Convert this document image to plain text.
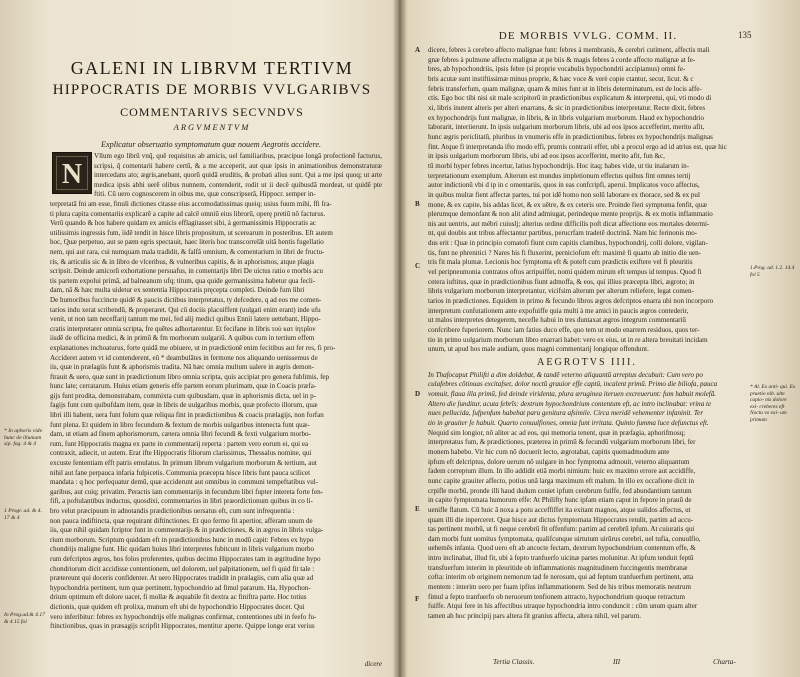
GALENI IN LIBRVM TERTIVM
HIPPOCRATIS DE MORBIS VVLGARIBVS
COMMENTARIVS SECVNDVS
ARGVMENTVM
Explicatur obseruatio symptomatum quæ nouem Aegrotis accidere.
N
Vllum ego librū vnq̃, quẽ requisitus ab amicis, uel familiaribus, præcipue longā profectionē facturus, scripsi, q̃ comentarii habere certū, & a me acceperit, aut quæ ipsis in animationibus demonstraturæ intercedans ato; ægris,anebant, quorū quidā eruditis, & probati alius sunt. Qui a me ipsi quoq; ut arte medica ipsis abhi uerē olibus nunnem, contenderit, rodit ut ii decē quibusdā mordeat, ut quidē pte ftiti. Cū uero cognoscerem in oibus me, quæ conscripserā, Hippocr. semper in-
terpretatā fni am esse, finuli dictiones citasse eius accomodatissimas queiq; usius fuum mihi, ffi fra-
ti plura capita comentariis explicarē a capite ad calcē omniū eius librorū, operę pretiū nō facturus.
Verū quando & hos habere quidam ex amicis efflagitasset sibi, à germanissimis Hippocratis ac
utilissimis ingressis fum, iidē tendit in hisce libris propositum, ut scerearum in posteribus. Eft autem
hoc, Quæ perpetuo, aut se pæm egris spectauit, haec literis hoc transcorrelāt uitā hentis fugellatio
nem, qui aut rara, cui numquam mala tradidit, & falfā omnium, & comentarium in libri de fructu-
ris, & articulis sic & in libro de vlceribus, & vulneribus capitis, & in aphorismos, atque plagis
scripsit. Deinde amicorū exhortatione persuafus, in comentarijs libri De uictus ratio e morbis acu
tis partem expolui primā, ad balneanum ufq; titum, qua quide germanissima habetur qua fecli-
dam, nā & hæc multa uidetur ex sententia Hippocratis pręcepta completi. Deinde fum libri
De humoribus fuccincte quidē & paucis dictibus interpretatus, ty defcedere, q ad eos me comen-
tarios indu xerat scribendū, & properaret. Qui cū dociis placuiffent (uulgati enim erant) inde ufu
venit, ut non tam neceffarij tantum me mei, fed alij medici quibus Ennii latere uettebant, Hippo-
cratis interpretarer omnia scripta, fre quētes adhortarentur. Et fecifane in libris τού κατ ἰητρῖον
iisdē de officina medici, & in primū & fm morborum uulgariū. A quibus cum in tertium effem
explanationes inchoaturus, forte quidā me obiuere, ut in prædictionē enim fecitibus aut fer res, fi pro-
Accideret autem vt id contenderent, eū * deambulātes in fermone nos aliquando uenissemus de
iis, quæ in prælagiis funt & aphorismis tradita. Nā hæc omnia multum ualere in ægris demon-
ftrauit & uero, quæ sunt in prædictionum libro omnia scripta, quis accipiat pro genera fublimis, fep
hunc late; cerratarum. Huius etiam generis effe partem eorum plurimam, quæ in Coacis præfa-
gijs funt prodita, demonstrabam, commixta cum quibusdam, quæ in aphorismis dicta, uel in p-
fagijs funt cum quibufdam item, quæ in libris de uulgaribus morbis, quæ profecto illorum, quæ
libri illi habent, uera funt folum quæ reliqua fint in prædictionibus & coacis prælagijs, non forfan
funt plena. Et quidem in libro fecundum & fextum de morbis uulgaribus intenecta funt quæ-
dam, ut etiam ad finem aphorismorum, cætera omnia libri fecundi & fexti vulgarium morbo-
rum, funt Hippocratis magna ex parte in commentarij reperta : partem vero eorum ei, qui ea
contraxit, adiecit, ut autem. Erat ifte Hippocratis filiorum clarissimus, Thessalus nomine, qui
excuste fententiam efft patris emulatus. In primum librum vulgarium morborum & tertium, aut
nihil aut fane perpauca infaria fulpicetis. Communia præcepta hisce libris funt pauca scilicet
mandata : q hoc perfequatur demū, quæ acciderunt aut omnibus in communi tempeftatibus vul-
garibus, aut cuiq; privatim. Peractis iam commentarijs in fecundum libri fupter intereta forte fen-
fifi, a poftulantibus inductus, quosdixi, commentarios in libri præordictionum quibus in co li-
bro velut præcipuum in adnotandis prædictionibus uersatus eft, cum sunt infrequentia :
non pauca indiftincta, quæ requirant diftinctiones. Et quo fermo fit apertior, afferam unum de
iis, quæ nihil quidam fcriptor funt in commentarijs & in prædictiones, & in ægros in libris vulga-
rium morborum. Scriptum quiddam eft in prædictionibus hunc in modū capit: Febres ex hypo
chondrijs maligne funt. Hic quidam huius libri interpretes fubitcunt in libris vulgarium morbo
rum defcriptos ægros, hos folos proferentes, quibus decimo Hippocrates tam in ægritudine hypo
chondriorum dicit accidisse contentionem, uel dolorem, uel palpitationem, uel fi quid fit tale :
prætereunt qui doceris confidenter. At uero Hippocrates tradidit in prælagiis, cum alia quæ ad
hypochondria pertinent, tum quæ pertinent, hypochondrio ad fimul pararum. Ha, Hypochon-
drium optimum eft dolore uacet, fi mollæ & æquabile fit dextra ac finiftra parte. Hoc totius
dictionis, quæ quidem eft prolixa, munum eft ubi de hypochondrio Hippocrates docet. Qui
vero inferibitur: febres ex hypochondrijs elfe malignas confirmat, contentiones ubi in feefo fu-
ftinctionibus, quas in præsagijs scripfit Hippocrates, mentitur aperte. Quippe longe erat verius
dicere
* In aphoris vide hunc de illumam sip. fag. 4 & 4
1 Progr. ad. & 4. 17 & 4
In Prog.ad.& 4.17 & 4.15 fol
DE MORBIS VVLG. COMM. II.	135
dicere, febres à cerebro affecto malignae funt: febres à membranis, & cerebri cutiment, affectis mali
gnæ febres à pulmone affecto malignæ at pe biis & magis febres à corde affecto malignæ at fe-
bres, ab hypochondriis, ipsis febre (si proprie vocabulis hypochondrii accipiamus) omni fe-
bris acutæ sunt instiftissimæ minus proprie, & hæc voce & verè copie ctantur, secut, licut. & c
febris transferfum, quam malignæ, quam & mites funt ut in libris determinatum, est de locis affe-
ctis. Ego hoc tibi nisi sit male scripitorū in prædictionibus explicatum & interpretui, qui, vti modo di
xi, libris inutent alteris per alteri enarrans, & sic in prædictionibus interpretatur. Recte dixit, febres
ex hypochondrijs funt malignæ, in libris, & in libris vulgarium morborum. Haud ex hypochondrio
laborarit, interiierunt. In ipsis uulgarium morborum libris, ubi ad eos ipsos accefferint, merito afit,
hunc ægris periclitatū, pluribus in vnumeris effe in prædictionibus, febres ex hypochondrijs malignas
fint. Atque fi interpretanda ifto modo effi, prumis contrarii effet, ubi a procul ergo ad id atrius est, quæ hic
in ipsis uulgarium morborum libris, ubi ad eos ipsos accefferint, merito afit, fun &c,
tū morbi hyper febres incertur, latius hypochondrijs. Hoc itaq; habes vide, ut tiu inalarum in-
terpretationum exemplum. Alterum est mundus impletionum effectus quibus fint omnes tertij
autor indictionū vbi d ip in c omentariis, quos in eas confcripfi, aperui. Implicatos voco affectus,
in quibus multæ fient affectæ partes, tui pot idē homo non solū laborare ex thorace, sed & ex pul
mone, & ex capite, his addas licet, & ex uētre, & ex ceteris ore. Proinde fieri symptoma fenfit, quæ
plerumque demonfant & non alit alind admiugat, perindeque mente proprijs. & ex motis inflammatio
nis aut uentris, aut mébri cuiuslj; alterius ordine difficilis poft dicat affectione eos mortales determi-
nt, qui doubis aut tribus affectantur partibus, perucrfam tradetē doctrinā. Nam hic ferinonis mo-
dus erit : Quæ in principio comatofi fiunt cum capitis clamibus, hypochondrij, colli dolore, vigilan-
tis, funt ne phrenitici ? Nares his fi fluxerint, perniciofum eft: maximè fi quarto ab initio die uen-
tris fit mala plumæ. Lecionis hoc fymptoma eft & poteft cum prædictis exiftere vel fi pleuritis
vel peripneumonia contratos oftos arripuiffet, nomi quidem mirum eft tempus id tempus. Quod fi
cetera iuftitus, quæ in prædictionibus fiunt admoffa, & eos, qui illius præcepta libri, ægroto; in
libris vulgarium morborum interpretantur, vicifsim alterum per alterum reliefere, legat comen-
tarios in prædictiones. Equidem in primo & fecundo libros ægros defcriptos enarra ubi non incorporo
interpretum confutationem ante expofuiffe quia multi à me amici in paucis ægros contederir,
ut malos interpretes detegerem, necefle habui in tres duntaxat ægros integrum commentariū
confcribere fuperiorem. Nunc iam fatius duco effe, quo tem ut modo enarrem residuos, quos ter-
tio in primo uulgarium morborum libro enarrari habet: vero ex eius, ut in re altera breuitati incidam
unum, ut apud hos male audiam, quos magni commentarij longique offendunt.
AEGROTVS IIII.
In Thafocaput Philifti a dim doldebat, & tandē veterno aliquantū arreptus decubuit: Cum vero po
culafebres cōtinuas excitafset, dolor noctū grauior effe captū, incalent primū. Primo die biliofa, pauca
vomuit, flaua illa primū, fed deinde viridenta, plura æruginea iteruen excreuerunt: fum habuit molefā.
Altero die funditur, acuta febrīs: dextrum hypochondrium contentum eft, ac intro inclinabat: vrina te
nues pellucida, fufpenfum habebat paru genitura afsimile. Circa meridē vehementer infaninit. Ter
tio in grauiter fe habuit. Quarto conuulfiones, omnia funt irritata. Quinto fumma luce defunctus eft.
Nequid sim longior, nō aliter ac ad eos, qui memoria tenent, quæ in præfagia, aphorifmosq;
interpretatus fum, & prædictiones, præterea in primū & fecundū vulgarium morborum libri, fer
monem habebo. Vir hic cum nō docuerit lecto, ægrotabat, capitis quemadmodum ante
ipfum eft delcriptus, dolore uerum nō uulgare in hoc fymptoma admouit, veterno aliquantum
fadem correptum illum. In illo addidit etiā morbi nimium: huic ex maximo errore aut accidiffe,
nunc capite grauiter affecto, potius unā larga maximum eft malum. In illo ex occafione dicit in
crpifle morbū, pronde illi haud dudum coniet ipfum cerebrum fuiffe, fed abundantium tantum
in capite fymptomata humorum effe: At Philifty hunc ipfam etiam caput in fepore in prauū de
uenifle flatum. Cū huic ā noxa a potu acceffiffet ita exitant magnos, atque ualidos affectus, ut
quam illi die inperceret. Quæ hisce aut dictus fymptomata Hippocrates retulit, partim ad accu-
tas pertinent morbū, ut fi neque cerebrū fit offenfum: partim ad cerebrū ipfum. At cuiuratis qui
dam morbi funt uomitus fymptomata, qualifcunque uirtutum uirūrus cerebri, uel tufia, conuulfio,
uehemēs infania. Quod uero eft ab ancocte fectam, dextrum hypochondrium contentum effe, &
intro inclinabat, illud fit, ubi à fepto tranfuerfo uicinæ partes molunitur. At ipfum tenduit feptū
transfuerfum interim in pleuritide ob inflammationis magnitudinem fuccingentis membranæ
cofta: interim ob originem nemorum tad fe nerosum, qui ad feptum tranfuerfum pertinent, atta
mentem : interim uero per fuam ipfius inflammationem. Sed de his tribus memoratis neutrum
fimul a fepto tranfuerfo ob neruorum tenfionem attracto, hypochondrium quoque retractum
fuiffe. Atqui fere in his affectibus utraque hypochondria intro conduncit : cūm unum quam alter
tamen ab hoc principij pars altera fit granius affecta, altera nihil, vel parum.
A
B
C
D
E
F
1.Prog. ad. 1.2. 14.4 fol 5
* Al. Ex anti- qui. Ex pruetio nib. ulte capio- nis dolore exi- creberes eft Noctu vo exi- um primum
Tertia Classis.	III	Charta-
